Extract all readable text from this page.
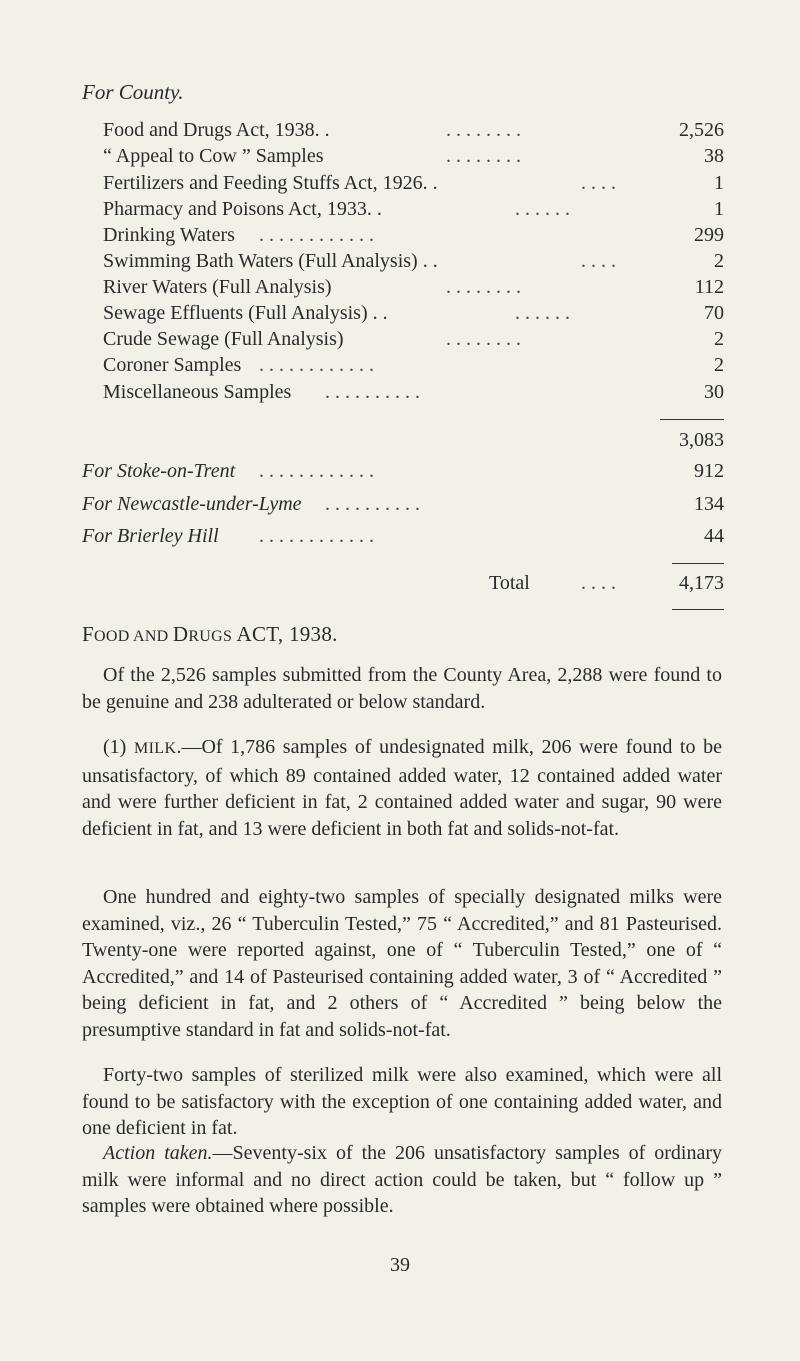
For County.
Food and Drugs Act, 1938. .	. . . . . . . .	2,526
“ Appeal to Cow ” Samples	. . . . . . . .	38
Fertilizers and Feeding Stuffs Act, 1926. .	. . . .	1
Pharmacy and Poisons Act, 1933. .	. . . . . .	1
Drinking Waters . . . . . . . . . . . .	299
Swimming Bath Waters (Full Analysis) . .	. . . .	2
River Waters (Full Analysis)	. . . . . . . .	112
Sewage Effluents (Full Analysis) . .	. . . . . .	70
Crude Sewage (Full Analysis)	. . . . . . . .	2
Coroner Samples . . . . . . . . . . . .	2
Miscellaneous Samples . . . . . . . . . .	30
3,083
For Stoke-on-Trent . . . . . . . . . . . .	912
For Newcastle-under-Lyme . . . . . . . . . .	134
For Brierley Hill . . . . . . . . . . . .	44
Total	. . . .	4,173
FOOD AND DRUGS ACT, 1938.

Of the 2,526 samples submitted from the County Area, 2,288 were found to be genuine and 238 adulterated or below standard.

(1) MILK.—Of 1,786 samples of undesignated milk, 206 were found to be unsatisfactory, of which 89 contained added water, 12 contained added water and were further deficient in fat, 2 contained added water and sugar, 90 were deficient in fat, and 13 were deficient in both fat and solids-not-fat.

One hundred and eighty-two samples of specially designated milks were examined, viz., 26 “ Tuberculin Tested,” 75 “ Accredited,” and 81 Pasteurised. Twenty-one were reported against, one of “ Tuberculin Tested,” one of “ Accredited,” and 14 of Pasteurised containing added water, 3 of “ Accredited ” being deficient in fat, and 2 others of “ Accredited ” being below the presumptive standard in fat and solids-not-fat.

Forty-two samples of sterilized milk were also examined, which were all found to be satisfactory with the exception of one containing added water, and one deficient in fat.

Action taken.—Seventy-six of the 206 unsatisfactory samples of ordinary milk were informal and no direct action could be taken, but “ follow up ” samples were obtained where possible.

39
